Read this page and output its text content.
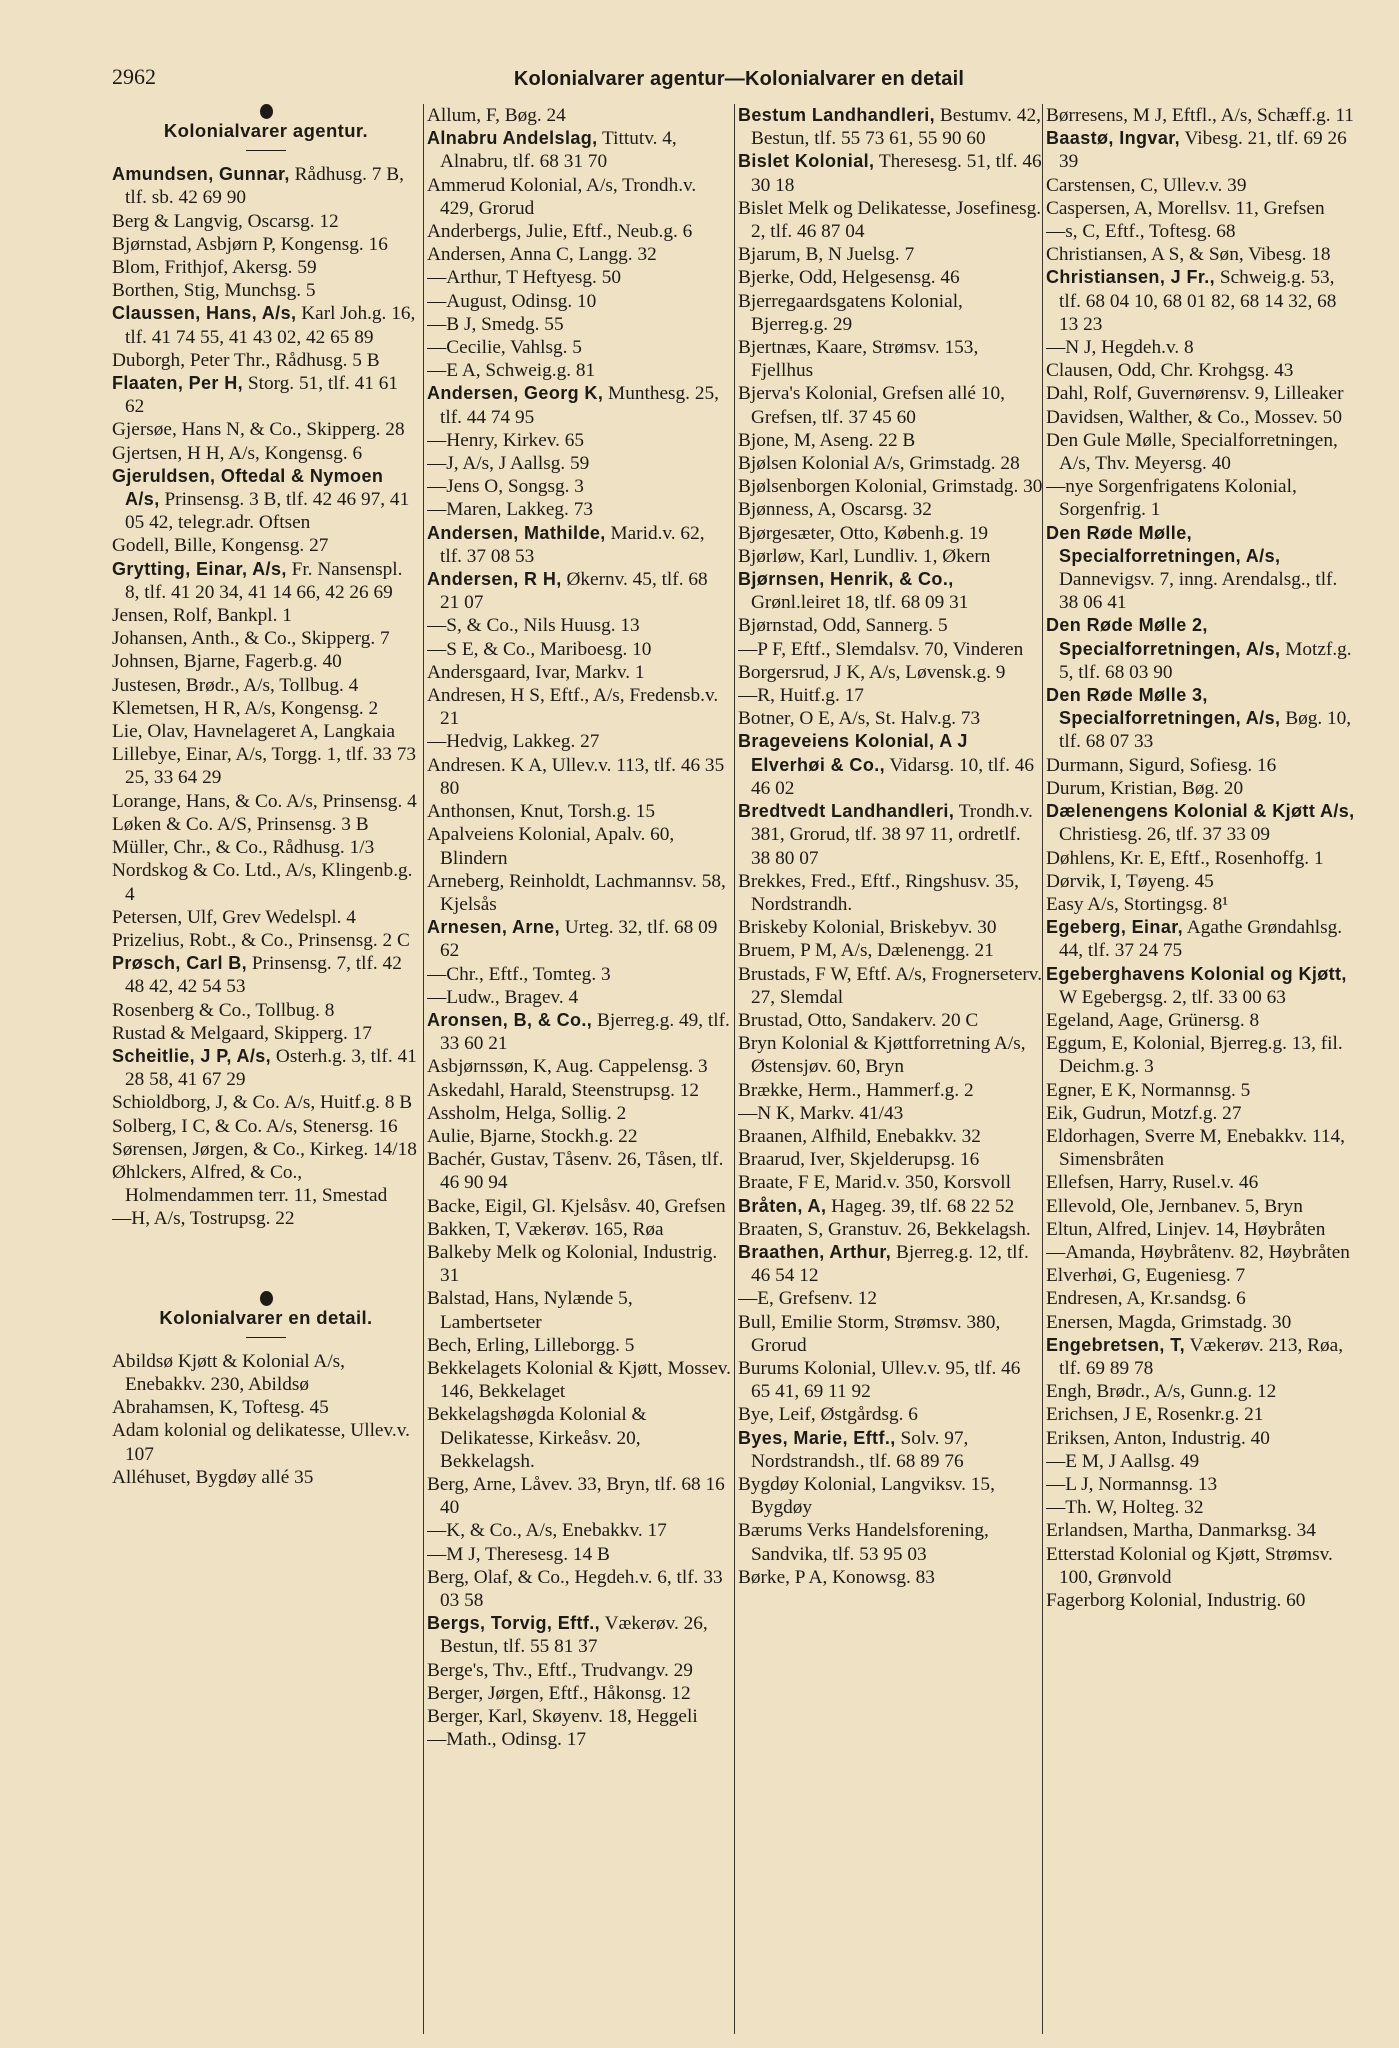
2962	Kolonialvarer agentur—Kolonialvarer en detail
Kolonialvarer agentur.

Amundsen, Gunnar, Rådhusg. 7 B, tlf. sb. 42 69 90

Berg & Langvig, Oscarsg. 12

Bjørnstad, Asbjørn P, Kongensg. 16

Blom, Frithjof, Akersg. 59

Borthen, Stig, Munchsg. 5

Claussen, Hans, A/s, Karl Joh.g. 16, tlf. 41 74 55, 41 43 02, 42 65 89

Duborgh, Peter Thr., Rådhusg. 5 B

Flaaten, Per H, Storg. 51, tlf. 41 61 62

Gjersøe, Hans N, & Co., Skipperg. 28

Gjertsen, H H, A/s, Kongensg. 6

Gjeruldsen, Oftedal & Nymoen A/s, Prinsensg. 3 B, tlf. 42 46 97, 41 05 42, telegr.adr. Oftsen

Godell, Bille, Kongensg. 27

Grytting, Einar, A/s, Fr. Nansenspl. 8, tlf. 41 20 34, 41 14 66, 42 26 69

Jensen, Rolf, Bankpl. 1

Johansen, Anth., & Co., Skipperg. 7

Johnsen, Bjarne, Fagerb.g. 40

Justesen, Brødr., A/s, Tollbug. 4

Klemetsen, H R, A/s, Kongensg. 2

Lie, Olav, Havnelageret A, Langkaia

Lillebye, Einar, A/s, Torgg. 1, tlf. 33 73 25, 33 64 29

Lorange, Hans, & Co. A/s, Prinsensg. 4

Løken & Co. A/S, Prinsensg. 3 B

Müller, Chr., & Co., Rådhusg. 1/3

Nordskog & Co. Ltd., A/s, Klingenb.g. 4

Petersen, Ulf, Grev Wedelspl. 4

Prizelius, Robt., & Co., Prinsensg. 2 C

Prøsch, Carl B, Prinsensg. 7, tlf. 42 48 42, 42 54 53

Rosenberg & Co., Tollbug. 8

Rustad & Melgaard, Skipperg. 17

Scheitlie, J P, A/s, Osterh.g. 3, tlf. 41 28 58, 41 67 29

Schioldborg, J, & Co. A/s, Huitf.g. 8 B

Solberg, I C, & Co. A/s, Stenersg. 16

Sørensen, Jørgen, & Co., Kirkeg. 14/18

Øhlckers, Alfred, & Co., Holmendammen terr. 11, Smestad

—H, A/s, Tostrupsg. 22

Kolonialvarer en detail.

Abildsø Kjøtt & Kolonial A/s, Enebakkv. 230, Abildsø

Abrahamsen, K, Toftesg. 45

Adam kolonial og delikatesse, Ullev.v. 107

Alléhuset, Bygdøy allé 35

Allum, F, Bøg. 24

Alnabru Andelslag, Tittutv. 4, Alnabru, tlf. 68 31 70

Ammerud Kolonial, A/s, Trondh.v. 429, Grorud

Anderbergs, Julie, Eftf., Neub.g. 6

Andersen, Anna C, Langg. 32

—Arthur, T Heftyesg. 50

—August, Odinsg. 10

—B J, Smedg. 55

—Cecilie, Vahlsg. 5

—E A, Schweig.g. 81

Andersen, Georg K, Munthesg. 25, tlf. 44 74 95

—Henry, Kirkev. 65

—J, A/s, J Aallsg. 59

—Jens O, Songsg. 3

—Maren, Lakkeg. 73

Andersen, Mathilde, Marid.v. 62, tlf. 37 08 53

Andersen, R H, Økernv. 45, tlf. 68 21 07

—S, & Co., Nils Huusg. 13

—S E, & Co., Mariboesg. 10

Andersgaard, Ivar, Markv. 1

Andresen, H S, Eftf., A/s, Fredensb.v. 21

—Hedvig, Lakkeg. 27

Andresen. K A, Ullev.v. 113, tlf. 46 35 80

Anthonsen, Knut, Torsh.g. 15

Apalveiens Kolonial, Apalv. 60, Blindern

Arneberg, Reinholdt, Lachmannsv. 58, Kjelsås

Arnesen, Arne, Urteg. 32, tlf. 68 09 62

—Chr., Eftf., Tomteg. 3

—Ludw., Bragev. 4

Aronsen, B, & Co., Bjerreg.g. 49, tlf. 33 60 21

Asbjørnssøn, K, Aug. Cappelensg. 3

Askedahl, Harald, Steenstrupsg. 12

Assholm, Helga, Sollig. 2

Aulie, Bjarne, Stockh.g. 22

Bachér, Gustav, Tåsenv. 26, Tåsen, tlf. 46 90 94

Backe, Eigil, Gl. Kjelsåsv. 40, Grefsen

Bakken, T, Vækerøv. 165, Røa

Balkeby Melk og Kolonial, Industrig. 31

Balstad, Hans, Nylænde 5, Lambertseter

Bech, Erling, Lilleborgg. 5

Bekkelagets Kolonial & Kjøtt, Mossev. 146, Bekkelaget

Bekkelagshøgda Kolonial & Delikatesse, Kirkeåsv. 20, Bekkelagsh.

Berg, Arne, Låvev. 33, Bryn, tlf. 68 16 40

—K, & Co., A/s, Enebakkv. 17

—M J, Theresesg. 14 B

Berg, Olaf, & Co., Hegdeh.v. 6, tlf. 33 03 58

Bergs, Torvig, Eftf., Vækerøv. 26, Bestun, tlf. 55 81 37

Berge's, Thv., Eftf., Trudvangv. 29

Berger, Jørgen, Eftf., Håkonsg. 12

Berger, Karl, Skøyenv. 18, Heggeli

—Math., Odinsg. 17

Bestum Landhandleri, Bestumv. 42, Bestun, tlf. 55 73 61, 55 90 60

Bislet Kolonial, Theresesg. 51, tlf. 46 30 18

Bislet Melk og Delikatesse, Josefinesg. 2, tlf. 46 87 04

Bjarum, B, N Juelsg. 7

Bjerke, Odd, Helgesensg. 46

Bjerregaardsgatens Kolonial, Bjerreg.g. 29

Bjertnæs, Kaare, Strømsv. 153, Fjellhus

Bjerva's Kolonial, Grefsen allé 10, Grefsen, tlf. 37 45 60

Bjone, M, Aseng. 22 B

Bjølsen Kolonial A/s, Grimstadg. 28

Bjølsenborgen Kolonial, Grimstadg. 30

Bjønness, A, Oscarsg. 32

Bjørgesæter, Otto, Københ.g. 19

Bjørløw, Karl, Lundliv. 1, Økern

Bjørnsen, Henrik, & Co., Grønl.leiret 18, tlf. 68 09 31

Bjørnstad, Odd, Sannerg. 5

—P F, Eftf., Slemdalsv. 70, Vinderen

Borgersrud, J K, A/s, Løvensk.g. 9

—R, Huitf.g. 17

Botner, O E, A/s, St. Halv.g. 73

Brageveiens Kolonial, A J Elverhøi & Co., Vidarsg. 10, tlf. 46 46 02

Bredtvedt Landhandleri, Trondh.v. 381, Grorud, tlf. 38 97 11, ordretlf. 38 80 07

Brekkes, Fred., Eftf., Ringshusv. 35, Nordstrandh.

Briskeby Kolonial, Briskebyv. 30

Bruem, P M, A/s, Dælenengg. 21

Brustads, F W, Eftf. A/s, Frognerseterv. 27, Slemdal

Brustad, Otto, Sandakerv. 20 C

Bryn Kolonial & Kjøttforretning A/s, Østensjøv. 60, Bryn

Brække, Herm., Hammerf.g. 2

—N K, Markv. 41/43

Braanen, Alfhild, Enebakkv. 32

Braarud, Iver, Skjelderupsg. 16

Braate, F E, Marid.v. 350, Korsvoll

Bråten, A, Hageg. 39, tlf. 68 22 52

Braaten, S, Granstuv. 26, Bekkelagsh.

Braathen, Arthur, Bjerreg.g. 12, tlf. 46 54 12

—E, Grefsenv. 12

Bull, Emilie Storm, Strømsv. 380, Grorud

Burums Kolonial, Ullev.v. 95, tlf. 46 65 41, 69 11 92

Bye, Leif, Østgårdsg. 6

Byes, Marie, Eftf., Solv. 97, Nordstrandsh., tlf. 68 89 76

Bygdøy Kolonial, Langviksv. 15, Bygdøy

Bærums Verks Handelsforening, Sandvika, tlf. 53 95 03

Børke, P A, Konowsg. 83

Børresens, M J, Eftfl., A/s, Schæff.g. 11

Baastø, Ingvar, Vibesg. 21, tlf. 69 26 39

Carstensen, C, Ullev.v. 39

Caspersen, A, Morellsv. 11, Grefsen

—s, C, Eftf., Toftesg. 68

Christiansen, A S, & Søn, Vibesg. 18

Christiansen, J Fr., Schweig.g. 53, tlf. 68 04 10, 68 01 82, 68 14 32, 68 13 23

—N J, Hegdeh.v. 8

Clausen, Odd, Chr. Krohgsg. 43

Dahl, Rolf, Guvernørensv. 9, Lilleaker

Davidsen, Walther, & Co., Mossev. 50

Den Gule Mølle, Specialforretningen, A/s, Thv. Meyersg. 40

—nye Sorgenfrigatens Kolonial, Sorgenfrig. 1

Den Røde Mølle, Specialforretningen, A/s, Dannevigsv. 7, inng. Arendalsg., tlf. 38 06 41

Den Røde Mølle 2, Specialforretningen, A/s, Motzf.g. 5, tlf. 68 03 90

Den Røde Mølle 3, Specialforretningen, A/s, Bøg. 10, tlf. 68 07 33

Durmann, Sigurd, Sofiesg. 16

Durum, Kristian, Bøg. 20

Dælenengens Kolonial & Kjøtt A/s, Christiesg. 26, tlf. 37 33 09

Døhlens, Kr. E, Eftf., Rosenhoffg. 1

Dørvik, I, Tøyeng. 45

Easy A/s, Stortingsg. 8¹

Egeberg, Einar, Agathe Grøndahlsg. 44, tlf. 37 24 75

Egeberghavens Kolonial og Kjøtt, W Egebergsg. 2, tlf. 33 00 63

Egeland, Aage, Grünersg. 8

Eggum, E, Kolonial, Bjerreg.g. 13, fil. Deichm.g. 3

Egner, E K, Normannsg. 5

Eik, Gudrun, Motzf.g. 27

Eldorhagen, Sverre M, Enebakkv. 114, Simensbråten

Ellefsen, Harry, Rusel.v. 46

Ellevold, Ole, Jernbanev. 5, Bryn

Eltun, Alfred, Linjev. 14, Høybråten

—Amanda, Høybråtenv. 82, Høybråten

Elverhøi, G, Eugeniesg. 7

Endresen, A, Kr.sandsg. 6

Enersen, Magda, Grimstadg. 30

Engebretsen, T, Vækerøv. 213, Røa, tlf. 69 89 78

Engh, Brødr., A/s, Gunn.g. 12

Erichsen, J E, Rosenkr.g. 21

Eriksen, Anton, Industrig. 40

—E M, J Aallsg. 49

—L J, Normannsg. 13

—Th. W, Holteg. 32

Erlandsen, Martha, Danmarksg. 34

Etterstad Kolonial og Kjøtt, Strømsv. 100, Grønvold

Fagerborg Kolonial, Industrig. 60
